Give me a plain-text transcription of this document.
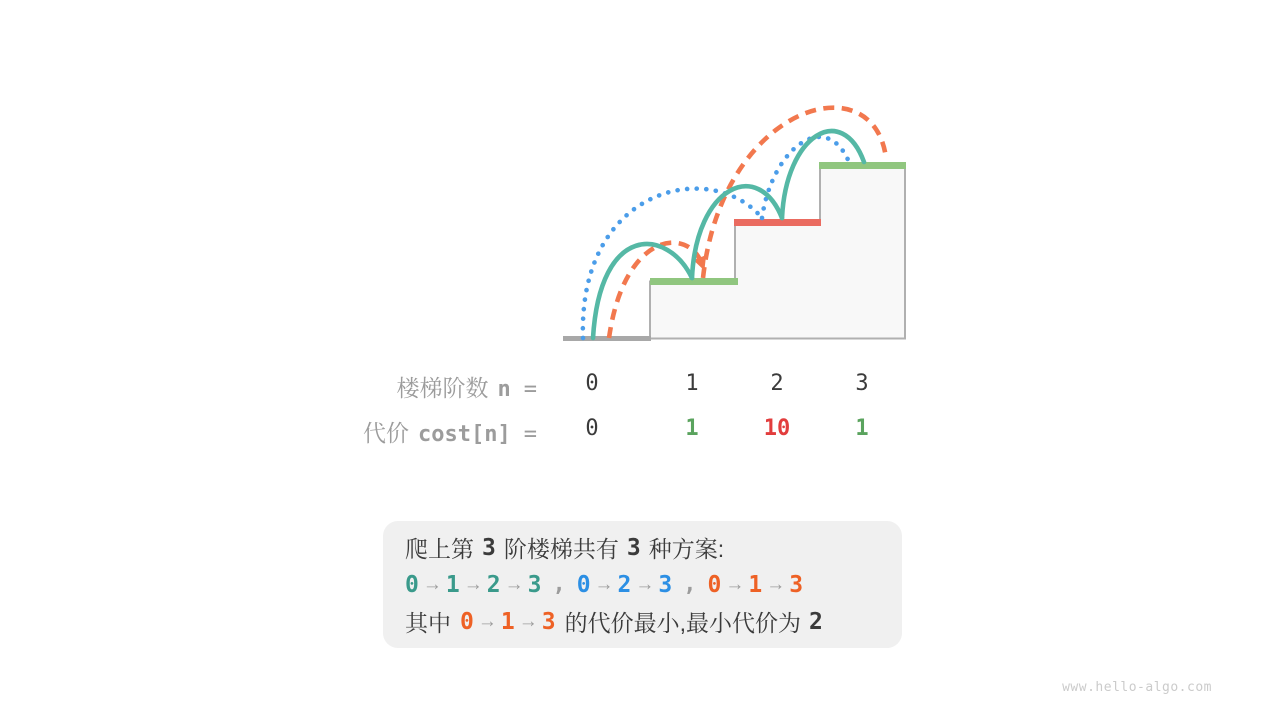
楼梯阶数 n = 0	1	2	3
代价 cost[n] = 0	1	10	1
爬上第 3 阶楼梯共有 3 种方案:
0 → 1 → 2 → 3 , 0 → 2 → 3 , 0 → 1 → 3
其中 0 → 1 → 3 的代价最小,最小代价为 2
www.hello-algo.com
